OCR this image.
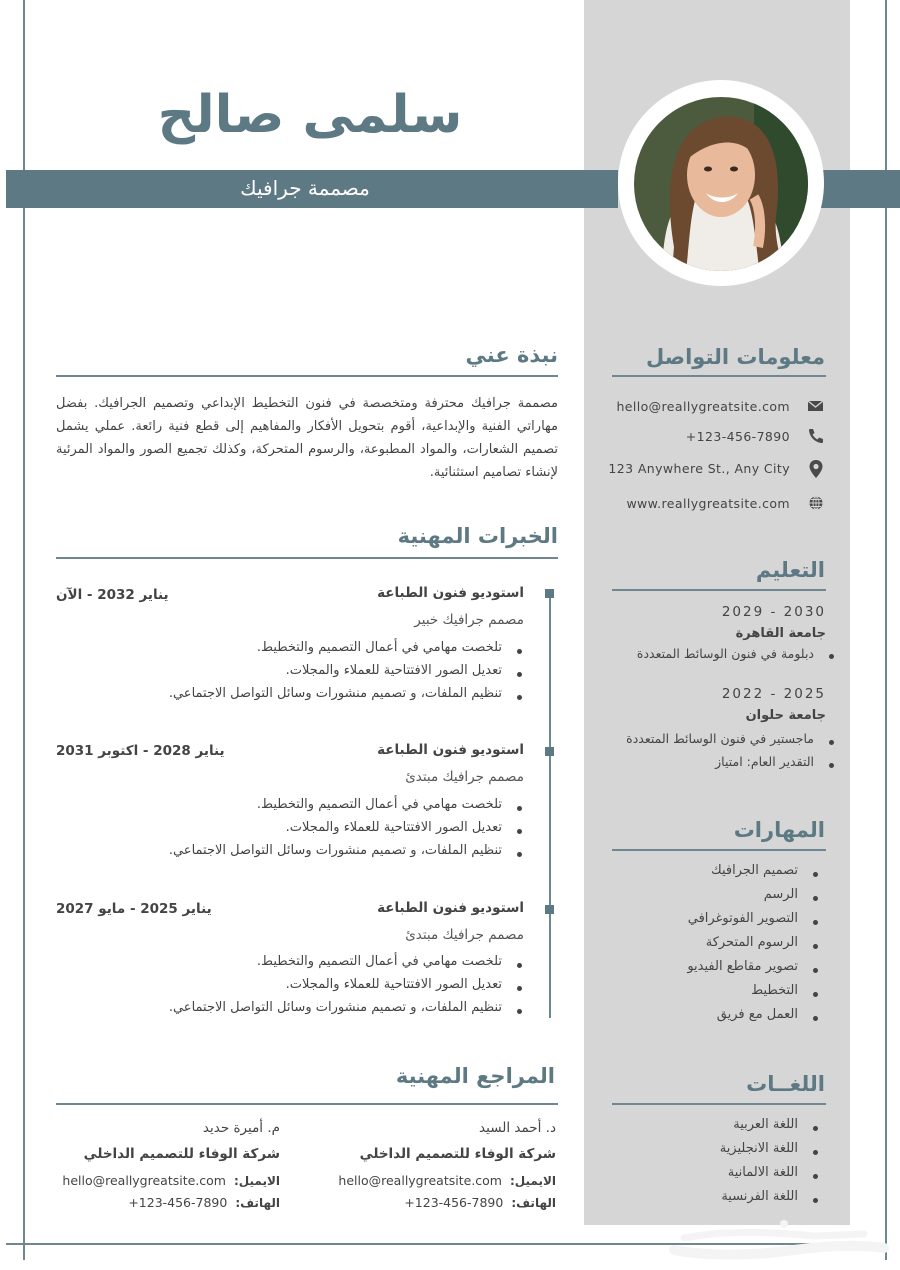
سلمى صالح
مصممة جرافيك
نبذة عني
مصممة جرافيك محترفة ومتخصصة في فنون التخطيط الإبداعي وتصميم الجرافيك. بفضل مهاراتي الفنية والإبداعية، أقوم بتحويل الأفكار والمفاهيم إلى قطع فنية رائعة. عملي يشمل تصميم الشعارات، والمواد المطبوعة، والرسوم المتحركة، وكذلك تجميع الصور والمواد المرئية لإنشاء تصاميم استثنائية.
الخبرات المهنية
استوديو فنون الطباعة
يناير 2032 - الآن
مصمم جرافيك خبير
تلخصت مهامي في أعمال التصميم والتخطيط.
تعديل الصور الافتتاحية للعملاء والمجلات.
تنظيم الملفات، و تصميم منشورات وسائل التواصل الاجتماعي.
استوديو فنون الطباعة
يناير 2028 - اكتوبر 2031
مصمم جرافيك مبتدئ
تلخصت مهامي في أعمال التصميم والتخطيط.
تعديل الصور الافتتاحية للعملاء والمجلات.
تنظيم الملفات، و تصميم منشورات وسائل التواصل الاجتماعي.
استوديو فنون الطباعة
يناير 2025 - مايو 2027
مصمم جرافيك مبتدئ
تلخصت مهامي في أعمال التصميم والتخطيط.
تعديل الصور الافتتاحية للعملاء والمجلات.
تنظيم الملفات، و تصميم منشورات وسائل التواصل الاجتماعي.
المراجع المهنية
د. أحمد السيد
شركة الوفاء للتصميم الداخلي
الايميل:hello@reallygreatsite.com
الهاتف:+123-456-7890
م. أميرة حديد
شركة الوفاء للتصميم الداخلي
الايميل:hello@reallygreatsite.com
الهاتف:+123-456-7890
معلومات التواصل
hello@reallygreatsite.com
+123-456-7890
123 Anywhere St., Any City
www.reallygreatsite.com
التعليم
2029 - 2030
جامعة القاهرة
دبلومة في فنون الوسائط المتعددة
2022 - 2025
جامعة حلوان
ماجستير في فنون الوسائط المتعددة
التقدير العام: امتياز
المهارات
تصميم الجرافيك
الرسم
التصوير الفوتوغرافي
الرسوم المتحركة
تصوير مقاطع الفيديو
التخطيط
العمل مع فريق
اللغــات
اللغة العربية
اللغة الانجليزية
اللغة الالمانية
اللغة الفرنسية
